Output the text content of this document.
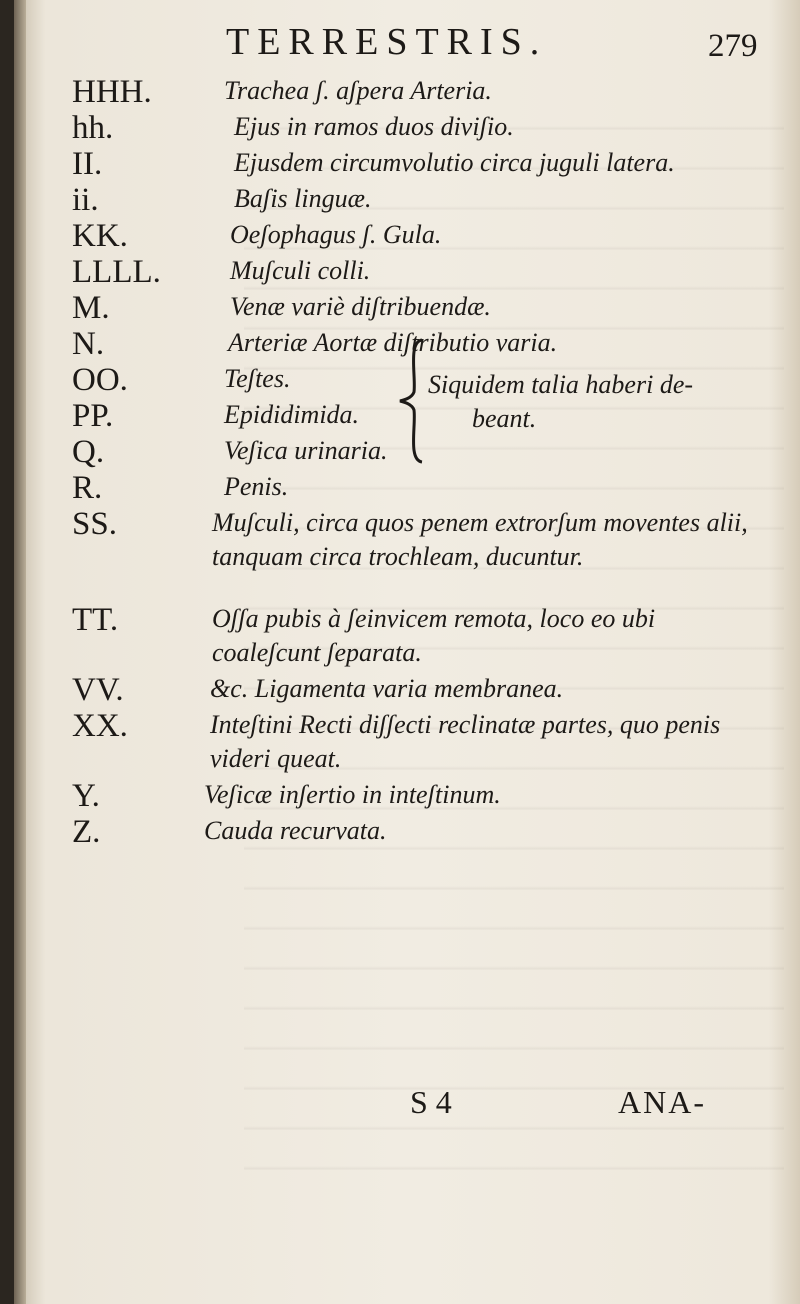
TERRESTRIS.	279
HHH.	Trachea ʃ. aʃpera Arteria.
hh.	Ejus in ramos duos diviʃio.
II.	Ejusdem circumvolutio circa juguli latera.
ii.	Baʃis linguæ.
KK.	Oeʃophagus ʃ. Gula.
LLLL.	Muʃculi colli.
M.	Venæ variè diʃtribuendæ.
N.	Arteriæ Aortæ diʃtributio varia.
OO.	Teʃtes.
PP.	Epididimida.
Q.	Veʃica urinaria.
R.	Penis.
SS.	Muʃculi, circa quos penem extrorʃum moventes alii, tanquam circa trochleam, ducuntur.
TT.	Oʃʃa pubis à ʃeinvicem remota, loco eo ubi coaleʃcunt ʃeparata.
VV.	&c. Ligamenta varia membranea.
XX.	Inteʃtini Recti diʃʃecti reclinatæ partes, quo penis videri queat.
Y.	Veʃicæ inʃertio in inteʃtinum.
Z.	Cauda recurvata.
Siquidem talia haberi de-
beant.
S 4	ANA-
